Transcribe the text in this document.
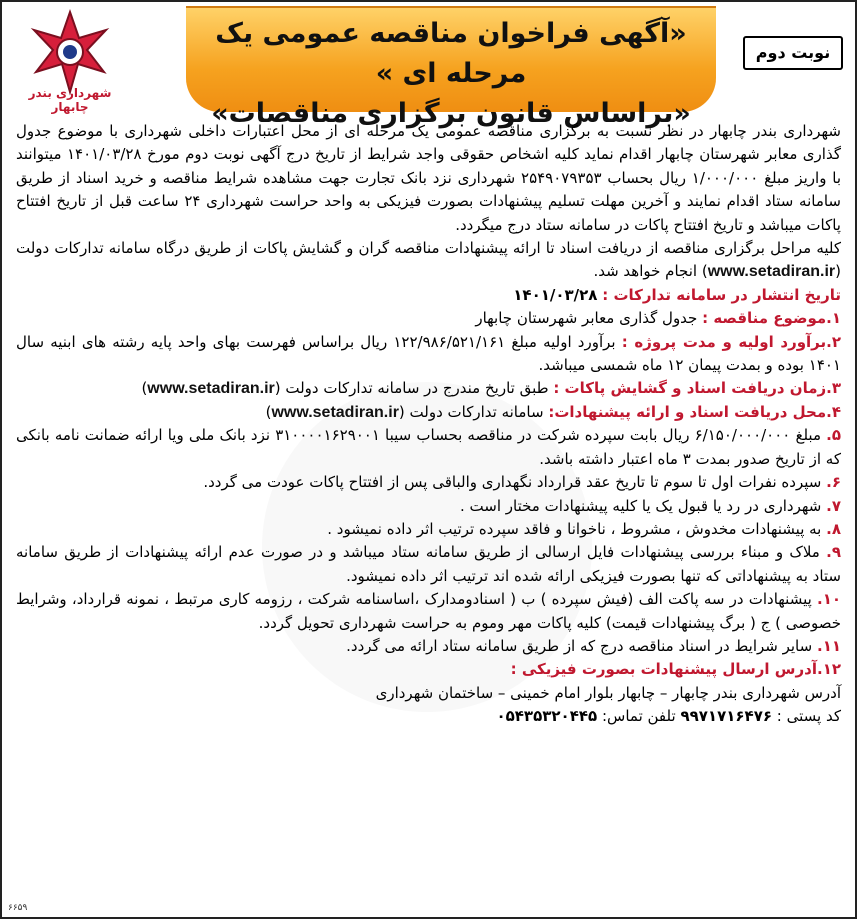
شهرداری بندر چابهار
«آگهی فراخوان مناقصه عمومی یک مرحله ای »
«براساس قانون برگزاری مناقصات»
نوبت دوم

شهرداری بندر چابهار در نظر نسبت به برگزاری مناقصه عمومی یک مرحله ای از محل اعتبارات داخلی شهرداری با موضوع جدول گذاری معابر شهرستان چابهار اقدام نماید کلیه اشخاص حقوقی واجد شرایط از تاریخ درج آگهی نوبت دوم مورخ ۱۴۰۱/۰۳/۲۸ میتوانند با واریز مبلغ ۱/۰۰۰/۰۰۰ ریال بحساب ۲۵۴۹۰۷۹۳۵۳ شهرداری نزد بانک تجارت جهت مشاهده شرایط مناقصه و خرید اسناد از طریق سامانه ستاد اقدام نمایند و آخرین مهلت تسلیم پیشنهادات بصورت فیزیکی به واحد حراست شهرداری ۲۴ ساعت قبل از تاریخ افتتاح پاکات میباشد و تاریخ افتتاح پاکات در سامانه ستاد درج میگردد.

کلیه مراحل برگزاری مناقصه از دریافت اسناد تا ارائه پیشنهادات مناقصه گران و گشایش پاکات از طریق درگاه سامانه تدارکات دولت (www.setadiran.ir) انجام خواهد شد.

تاریخ انتشار در سامانه تدارکات : ۱۴۰۱/۰۳/۲۸

۱.موضوع مناقصه : جدول گذاری معابر شهرستان چابهار

۲.برآورد اولیه و مدت پروژه : برآورد اولیه مبلغ ۱۲۲/۹۸۶/۵۲۱/۱۶۱ ریال براساس فهرست بهای واحد پایه رشته های ابنیه سال ۱۴۰۱ بوده و بمدت پیمان ۱۲ ماه شمسی میباشد.

۳.زمان دریافت اسناد و گشایش پاکات : طبق تاریخ مندرج در سامانه تدارکات دولت (www.setadiran.ir)

۴.محل دریافت اسناد و ارائه پیشنهادات: سامانه تدارکات دولت (www.setadiran.ir)

۵. مبلغ ۶/۱۵۰/۰۰۰/۰۰۰ ریال بابت سپرده شرکت در مناقصه بحساب سیبا ۳۱۰۰۰۰۱۶۲۹۰۰۱ نزد بانک ملی ویا ارائه ضمانت نامه بانکی که از تاریخ صدور بمدت ۳ ماه اعتبار داشته باشد.

۶. سپرده نفرات اول تا سوم تا تاریخ عقد قرارداد نگهداری والباقی پس از افتتاح پاکات عودت می گردد.

۷. شهرداری در رد یا قبول یک یا کلیه پیشنهادات مختار است .

۸. به پیشنهادات مخدوش ، مشروط ، ناخوانا و فاقد سپرده ترتیب اثر داده نمیشود .

۹. ملاک و مبناء بررسی پیشنهادات فایل ارسالی از طریق سامانه ستاد میباشد و در صورت عدم ارائه پیشنهادات از طریق سامانه ستاد به پیشنهاداتی که تنها بصورت فیزیکی ارائه شده اند ترتیب اثر داده نمیشود.

۱۰. پیشنهادات در سه پاکت الف (فیش سپرده ) ب ( اسنادومدارک ،اساسنامه شرکت ، رزومه کاری مرتبط ، نمونه قرارداد، وشرایط خصوصی ) ج ( برگ پیشنهادات قیمت) کلیه پاکات مهر وموم به حراست شهرداری تحویل گردد.

۱۱. سایر شرایط در اسناد مناقصه درج که از طریق سامانه ستاد ارائه می گردد.

۱۲.آدرس ارسال پیشنهادات بصورت فیزیکی :

آدرس شهرداری بندر چابهار – چابهار بلوار امام خمینی – ساختمان شهرداری

کد پستی : ۹۹۷۱۷۱۶۴۷۶ تلفن تماس: ۰۵۴۳۵۳۲۰۴۴۵

۶۶۵۹
